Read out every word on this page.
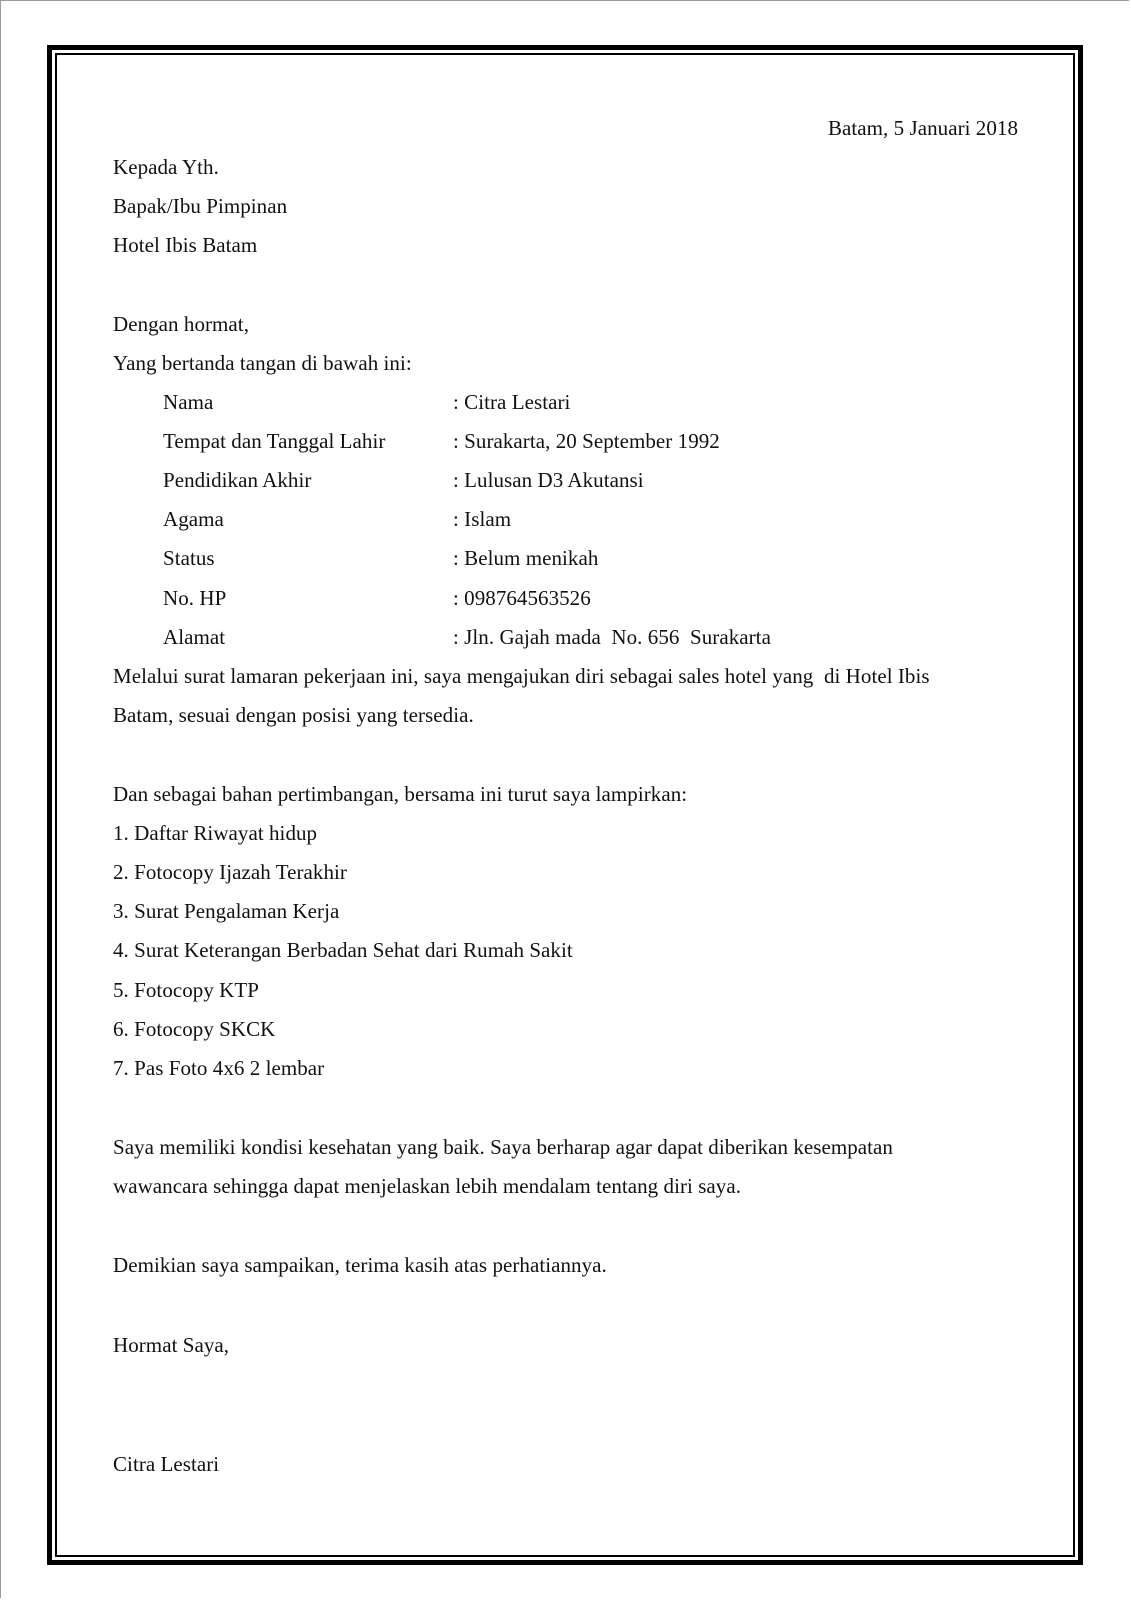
Batam, 5 Januari 2018
Kepada Yth.
Bapak/Ibu Pimpinan
Hotel Ibis Batam
Dengan hormat,
Yang bertanda tangan di bawah ini:
Nama	: Citra Lestari
Tempat dan Tanggal Lahir	: Surakarta, 20 September 1992
Pendidikan Akhir	: Lulusan D3 Akutansi
Agama	: Islam
Status	: Belum menikah
No. HP	: 098764563526
Alamat	: Jln. Gajah mada  No. 656  Surakarta
Melalui surat lamaran pekerjaan ini, saya mengajukan diri sebagai sales hotel yang  di Hotel Ibis
Batam, sesuai dengan posisi yang tersedia.
Dan sebagai bahan pertimbangan, bersama ini turut saya lampirkan:
1. Daftar Riwayat hidup
2. Fotocopy Ijazah Terakhir
3. Surat Pengalaman Kerja
4. Surat Keterangan Berbadan Sehat dari Rumah Sakit
5. Fotocopy KTP
6. Fotocopy SKCK
7. Pas Foto 4x6 2 lembar
Saya memiliki kondisi kesehatan yang baik. Saya berharap agar dapat diberikan kesempatan
wawancara sehingga dapat menjelaskan lebih mendalam tentang diri saya.
Demikian saya sampaikan, terima kasih atas perhatiannya.
Hormat Saya,
Citra Lestari
